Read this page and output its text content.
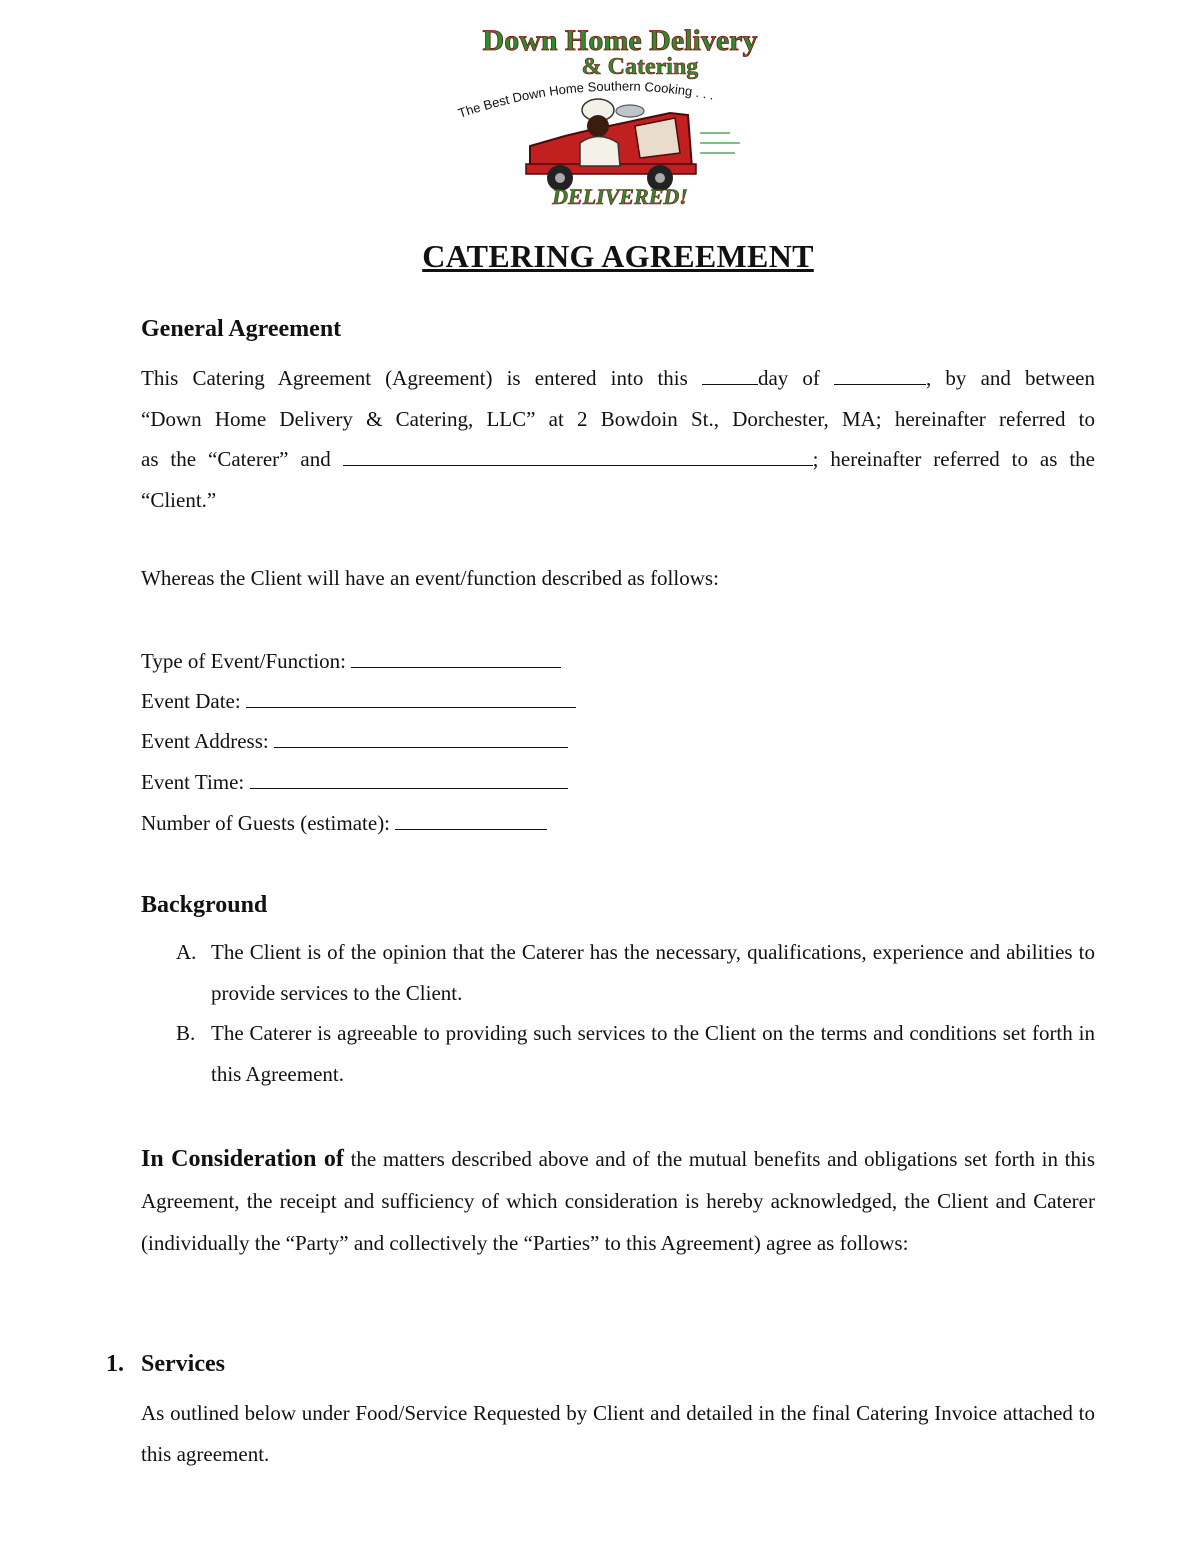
Down Home Delivery
& Catering
The Best Down Home Southern Cooking . . .
DELIVERED!
CATERING AGREEMENT
General Agreement
This Catering Agreement (Agreement) is entered into this	day of	, by and between
“Down Home Delivery & Catering, LLC” at 2 Bowdoin St., Dorchester, MA; hereinafter referred to
as the “Caterer” and	; hereinafter referred to as the
“Client.”
Whereas the Client will have an event/function described as follows:
Type of Event/Function:
Event Date:
Event Address:
Event Time:
Number of Guests (estimate):
Background
A. The Client is of the opinion that the Caterer has the necessary, qualifications, experience and abilities to provide services to the Client.
B. The Caterer is agreeable to providing such services to the Client on the terms and conditions set forth in this Agreement.
In Consideration of the matters described above and of the mutual benefits and obligations set forth in this Agreement, the receipt and sufficiency of which consideration is hereby acknowledged, the Client and Caterer (individually the “Party” and collectively the “Parties” to this Agreement) agree as follows:
1. Services
As outlined below under Food/Service Requested by Client and detailed in the final Catering Invoice attached to this agreement.
